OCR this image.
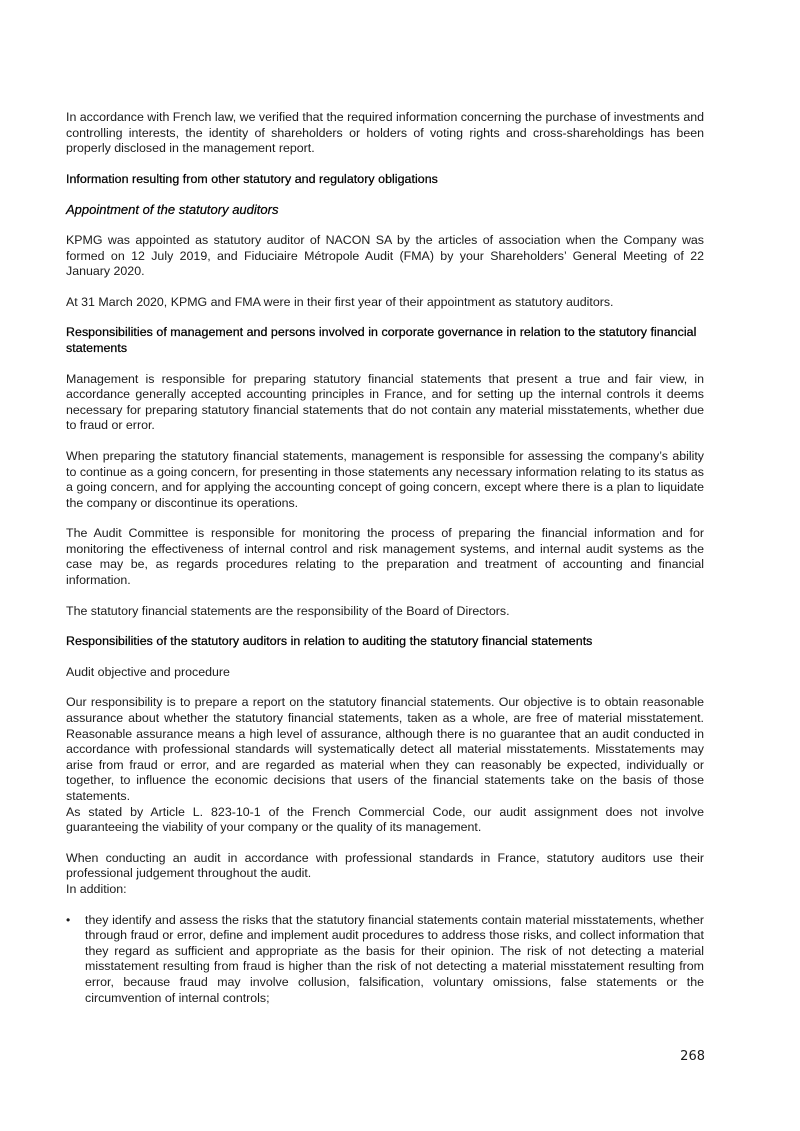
In accordance with French law, we verified that the required information concerning the purchase of investments and controlling interests, the identity of shareholders or holders of voting rights and cross-shareholdings has been properly disclosed in the management report.

Information resulting from other statutory and regulatory obligations

Appointment of the statutory auditors

KPMG was appointed as statutory auditor of NACON SA by the articles of association when the Company was formed on 12 July 2019, and Fiduciaire Métropole Audit (FMA) by your Shareholders’ General Meeting of 22 January 2020.

At 31 March 2020, KPMG and FMA were in their first year of their appointment as statutory auditors.

Responsibilities of management and persons involved in corporate governance in relation to the statutory financial statements

Management is responsible for preparing statutory financial statements that present a true and fair view, in accordance generally accepted accounting principles in France, and for setting up the internal controls it deems necessary for preparing statutory financial statements that do not contain any material misstatements, whether due to fraud or error.

When preparing the statutory financial statements, management is responsible for assessing the company’s ability to continue as a going concern, for presenting in those statements any necessary information relating to its status as a going concern, and for applying the accounting concept of going concern, except where there is a plan to liquidate the company or discontinue its operations.

The Audit Committee is responsible for monitoring the process of preparing the financial information and for monitoring the effectiveness of internal control and risk management systems, and internal audit systems as the case may be, as regards procedures relating to the preparation and treatment of accounting and financial information.

The statutory financial statements are the responsibility of the Board of Directors.

Responsibilities of the statutory auditors in relation to auditing the statutory financial statements

Audit objective and procedure

Our responsibility is to prepare a report on the statutory financial statements. Our objective is to obtain reasonable assurance about whether the statutory financial statements, taken as a whole, are free of material misstatement. Reasonable assurance means a high level of assurance, although there is no guarantee that an audit conducted in accordance with professional standards will systematically detect all material misstatements. Misstatements may arise from fraud or error, and are regarded as material when they can reasonably be expected, individually or together, to influence the economic decisions that users of the financial statements take on the basis of those statements.

As stated by Article L. 823-10-1 of the French Commercial Code, our audit assignment does not involve guaranteeing the viability of your company or the quality of its management.

When conducting an audit in accordance with professional standards in France, statutory auditors use their professional judgement throughout the audit.

In addition:

• they identify and assess the risks that the statutory financial statements contain material misstatements, whether through fraud or error, define and implement audit procedures to address those risks, and collect information that they regard as sufficient and appropriate as the basis for their opinion. The risk of not detecting a material misstatement resulting from fraud is higher than the risk of not detecting a material misstatement resulting from error, because fraud may involve collusion, falsification, voluntary omissions, false statements or the circumvention of internal controls;
268
